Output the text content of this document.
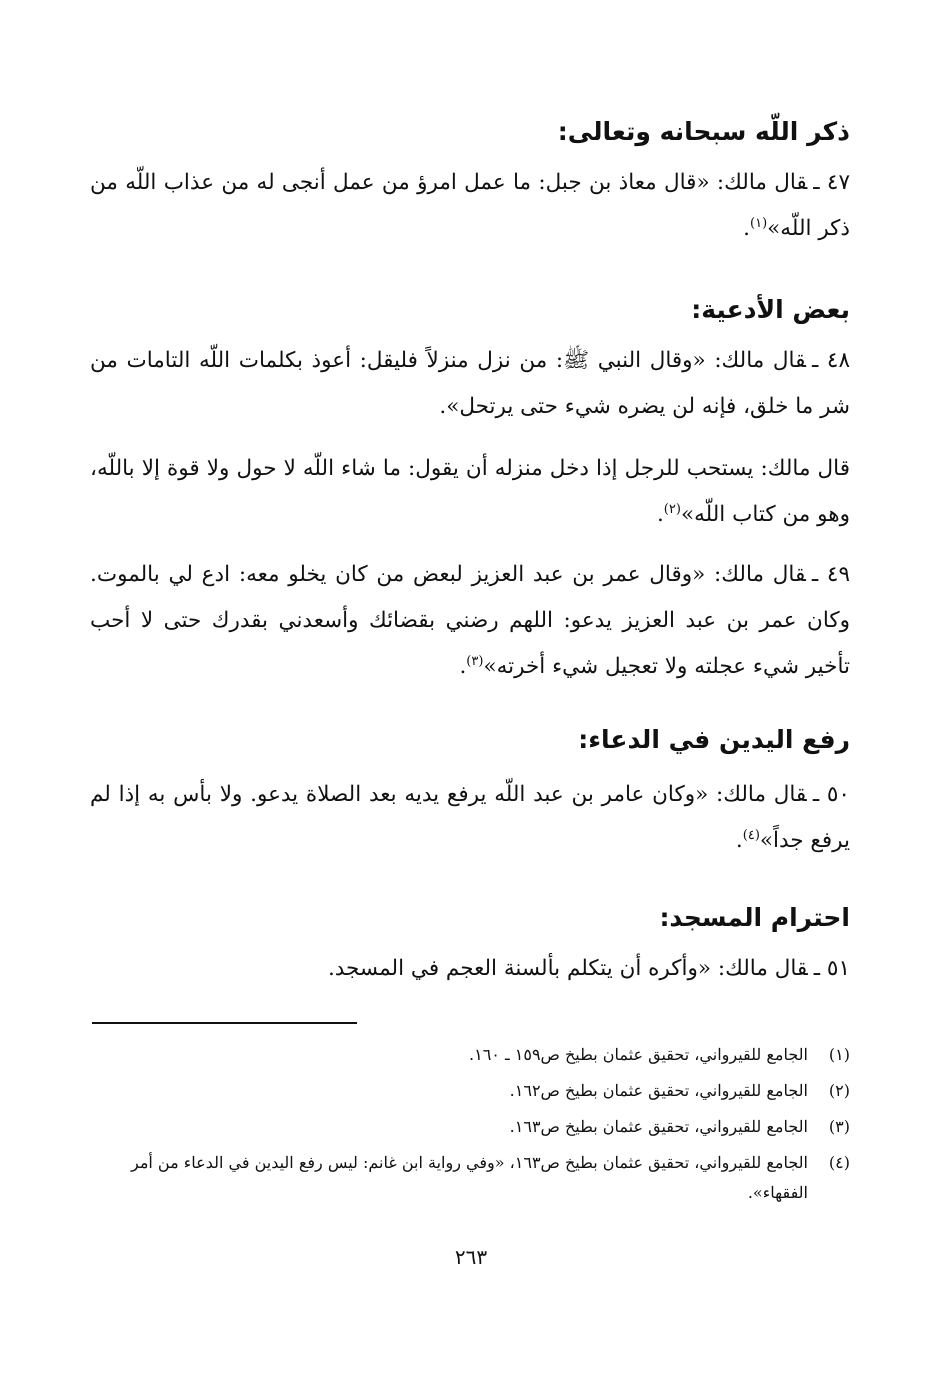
ذكر اللّه سبحانه وتعالى:

٤٧ ـقال مالك: «قال معاذ بن جبل: ما عمل امرؤ من عمل أنجى له من عذاب اللّه من ذكر اللّه»$^{(١)}$.

بعض الأدعية:

٤٨ ـقال مالك: «وقال النبي ﷺ: من نزل منزلاً فليقل: أعوذ بكلمات اللّه التامات من شر ما خلق، فإنه لن يضره شيء حتى يرتحل».

قال مالك: يستحب للرجل إذا دخل منزله أن يقول: ما شاء اللّه لا حول ولا قوة إلا باللّه، وهو من كتاب اللّه»$^{(٢)}$.

٤٩ ـقال مالك: «وقال عمر بن عبد العزيز لبعض من كان يخلو معه: ادع لي بالموت. وكان عمر بن عبد العزيز يدعو: اللهم رضني بقضائك وأسعدني بقدرك حتى لا أحب تأخير شيء عجلته ولا تعجيل شيء أخرته»$^{(٣)}$.

رفع اليدين في الدعاء:

٥٠ ـقال مالك: «وكان عامر بن عبد اللّه يرفع يديه بعد الصلاة يدعو. ولا بأس به إذا لم يرفع جداً»$^{(٤)}$.

احترام المسجد:

٥١ ـقال مالك: «وأكره أن يتكلم بألسنة العجم في المسجد.

(١)
الجامع للقيرواني، تحقيق عثمان بطيخ ص١٥٩ ـ ١٦٠.
(٢)
الجامع للقيرواني، تحقيق عثمان بطيخ ص١٦٢.
(٣)
الجامع للقيرواني، تحقيق عثمان بطيخ ص١٦٣.
(٤)
الجامع للقيرواني، تحقيق عثمان بطيخ ص١٦٣، «وفي رواية ابن غانم: ليس رفع اليدين في الدعاء من أمر الفقهاء».
٢٦٣
